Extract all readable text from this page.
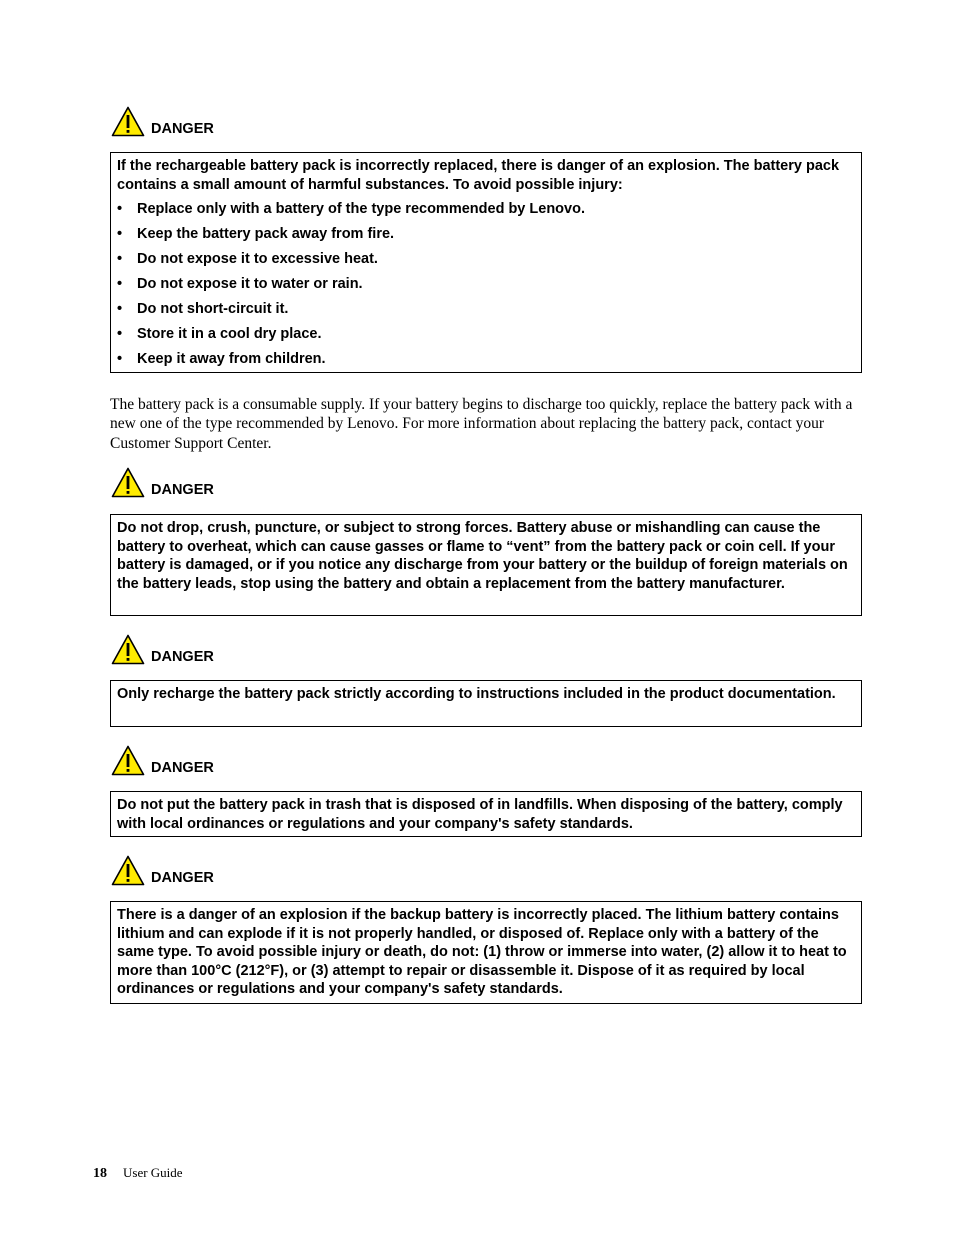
DANGER

If the rechargeable battery pack is incorrectly replaced, there is danger of an explosion. The battery pack contains a small amount of harmful substances. To avoid possible injury:

• Replace only with a battery of the type recommended by Lenovo.
• Keep the battery pack away from fire.
• Do not expose it to excessive heat.
• Do not expose it to water or rain.
• Do not short-circuit it.
• Store it in a cool dry place.
• Keep it away from children.

The battery pack is a consumable supply. If your battery begins to discharge too quickly, replace the battery pack with a new one of the type recommended by Lenovo. For more information about replacing the battery pack, contact your Customer Support Center.

DANGER

Do not drop, crush, puncture, or subject to strong forces. Battery abuse or mishandling can cause the battery to overheat, which can cause gasses or flame to “vent” from the battery pack or coin cell. If your battery is damaged, or if you notice any discharge from your battery or the buildup of foreign materials on the battery leads, stop using the battery and obtain a replacement from the battery manufacturer.

DANGER

Only recharge the battery pack strictly according to instructions included in the product documentation.

DANGER

Do not put the battery pack in trash that is disposed of in landfills. When disposing of the battery, comply with local ordinances or regulations and your company's safety standards.

DANGER

There is a danger of an explosion if the backup battery is incorrectly placed. The lithium battery contains lithium and can explode if it is not properly handled, or disposed of. Replace only with a battery of the same type. To avoid possible injury or death, do not: (1) throw or immerse into water, (2) allow it to heat to more than 100°C (212°F), or (3) attempt to repair or disassemble it. Dispose of it as required by local ordinances or regulations and your company's safety standards.

18 User Guide
